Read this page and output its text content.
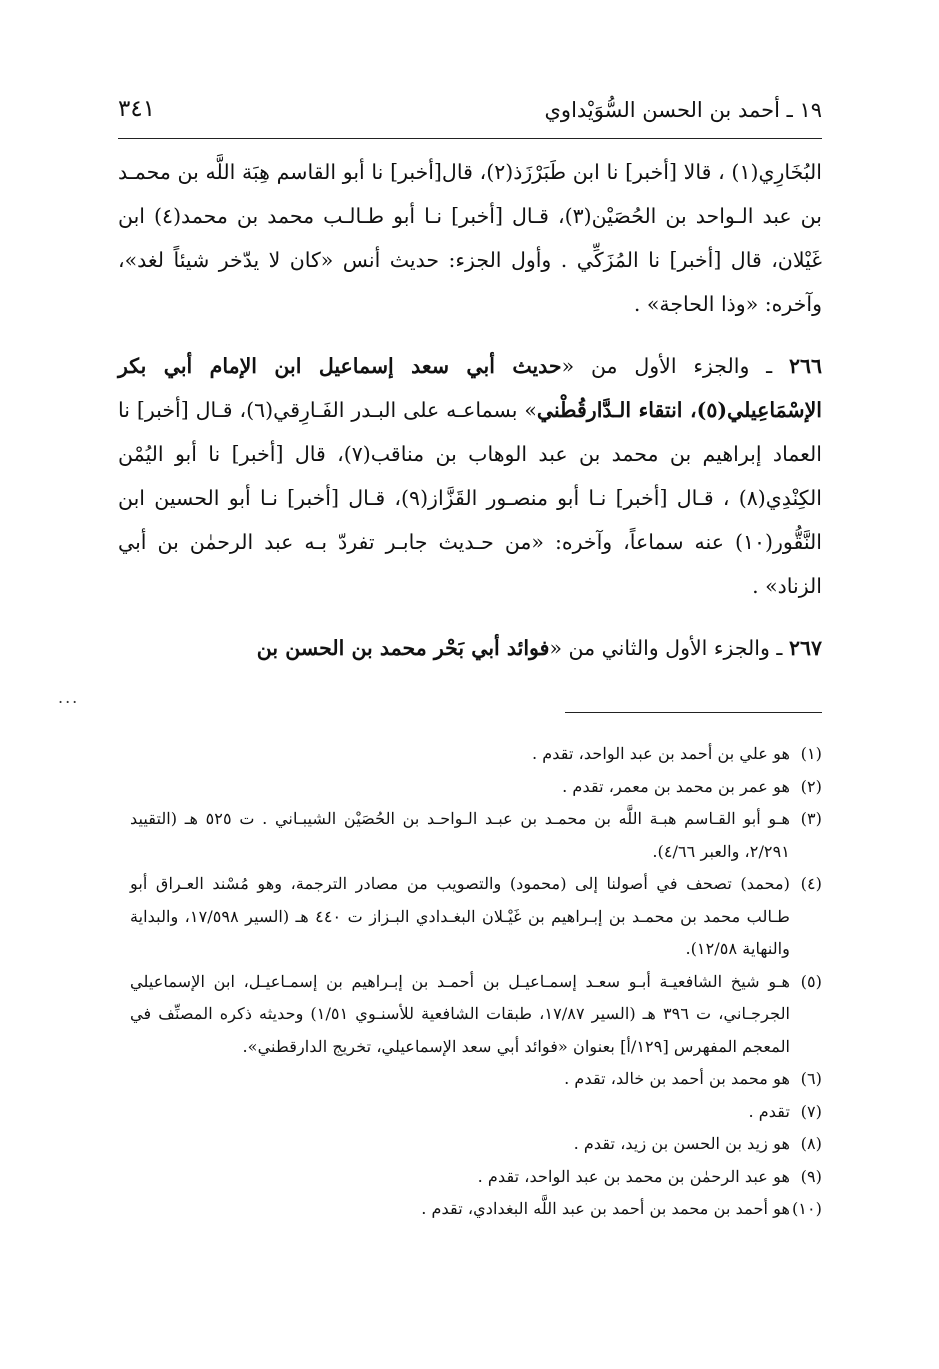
١٩ ـ أحمد بن الحسن السُّوَيْداوي
٣٤١

البُخَارِي(١) ، قالا [أخبر] نا ابن طَبَرْزَذ(٢)، قال[أخبر] نا أبو القاسم هِبَة اللَّه بن محمـد بن عبد الـواحد بن الحُصَيْن(٣)، قـال [أخبر] نـا أبو طـالـب محمد بن محمد(٤) ابن غَيْلان، قال [أخبر] نا المُزَكِّي . وأول الجزء: حديث أنس «كان لا يدّخر شيئاً لغد»، وآخره: «وذا الحاجة» .

٢٦٦ ـ والجزء الأول من «حديث أبي سعد إسماعيل ابن الإمام أبي بكر الإسْمَاعِيلي(٥)، انتقاء الـدَّارقُطْني» بسماعـه على البـدر الفَـارِقي(٦)، قـال [أخبر] نا العماد إبراهيم بن محمد بن عبد الوهاب بن مناقب(٧)، قال [أخبر] نا أبو اليُمْن الكِنْدِي(٨) ، قـال [أخبر] نـا أبو منصـور القَزَّاز(٩)، قـال [أخبر] نـا أبو الحسين ابن النَّقُّور(١٠) عنه سماعاً، وآخره: «من حـديث جابـر تفردّ بـه عبد الرحمٰن بن أبي الزناد» .

٢٦٧ ـ والجزء الأول والثاني من «فوائد أبي بَحْر محمد بن الحسن بن

...
(١)
هو علي بن أحمد بن عبد الواحد، تقدم .
(٢)
هو عمر بن محمد بن معمر، تقدم .
(٣)
هـو أبو القـاسم هبـة اللَّه بن محمـد بن عبـد الـواحـد بن الحُصَيْن الشيبـاني . ت ٥٢٥ هـ (التقييد ٢/٢٩١، والعبر ٤/٦٦).
(٤)
(محمد) تصحف في أصولنا إلى (محمود) والتصويب من مصادر الترجمة، وهو مُسْند العـراق أبو طـالب محمد بن محمـد بن إبـراهيم بن غَيْـلان البغـدادي البـزاز ت ٤٤٠ هـ (السير ١٧/٥٩٨، والبداية والنهاية ١٢/٥٨).
(٥)
هـو شيخ الشافعيـة أبـو سعـد إسمـاعيـل بن أحمـد بن إبـراهيم بن إسمـاعيـل، ابن الإسماعيلي الجرجـاني، ت ٣٩٦ هـ (السير ١٧/٨٧، طبقات الشافعية للأسنـوي ١/٥١) وحديثه ذكره المصنِّف في المعجم المفهرس [١٢٩/أ] بعنوان «فوائد أبي سعد الإسماعيلي، تخريج الدارقطني».
(٦)
هو محمد بن أحمد بن خالد، تقدم .
(٧)
تقدم .
(٨)
هو زيد بن الحسن بن زيد، تقدم .
(٩)
هو عبد الرحمٰن بن محمد بن عبد الواحد، تقدم .
(١٠)
هو أحمد بن محمد بن أحمد بن عبد اللَّه البغدادي، تقدم .
